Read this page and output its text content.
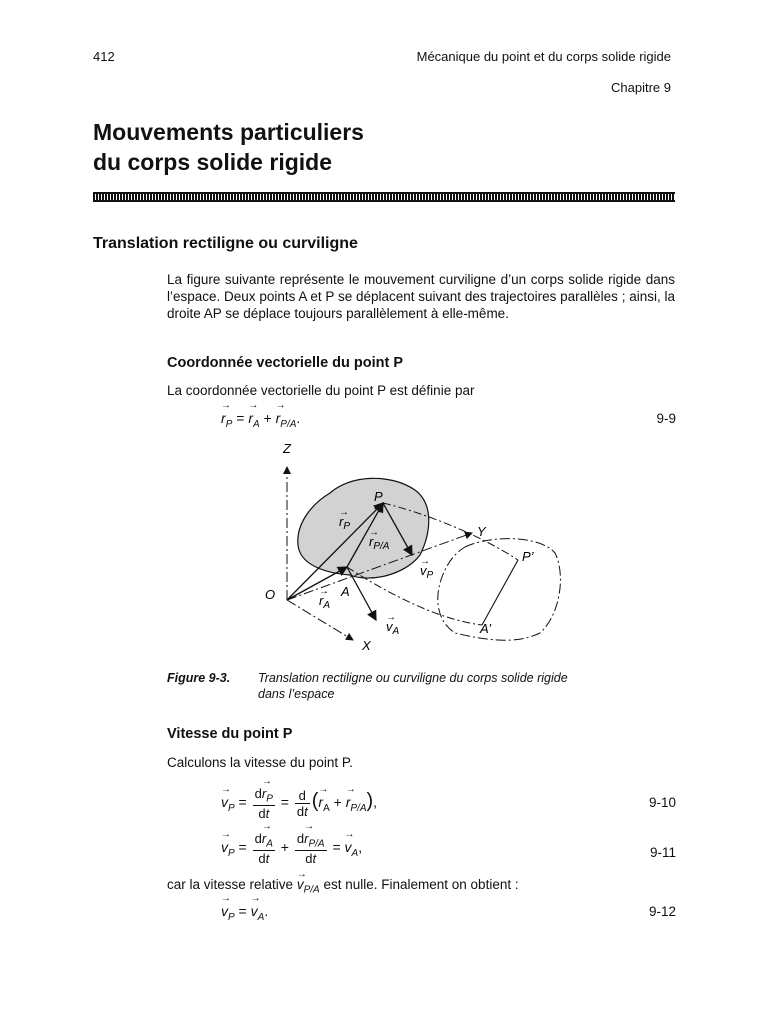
412	Mécanique du point et du corps solide rigide
Chapitre 9
Mouvements particuliers
du corps solide rigide
Translation rectiligne ou curviligne
La figure suivante représente le mouvement curviligne d’un corps solide rigide dans l’espace. Deux points A et P se déplacent suivant des trajectoires parallèles ; ainsi, la droite AP se déplace toujours parallèlement à elle-même.
Coordonnée vectorielle du point P
La coordonnée vectorielle du point P est définie par
→ $r_P$ = → $r_A$ + → $r_{P/A}$.	9-9
Z
Y
X
O
P
A
P’
A’
$r_P$
→
$r_{P/A}$
→
$r_A$
→
$v_P$
→
$v_A$
→
Figure 9-3. Translation rectiligne ou curviligne du corps solide rigide
dans l’espace
Vitesse du point P
Calculons la vitesse du point P.
→ $v_P = \frac{d\to r_P}{dt} = \frac{d}{dt}$ (→ $r_A$ + → $r_{P/A}$),	9-10
→ $v_P = \frac{d\to r_A}{dt} + \frac{d\to r_{P/A}}{dt}$ = → $v_A$,	9-11
car la vitesse relative → $v_{P/A}$ est nulle. Finalement on obtient :
→ $v_P$ = → $v_A$.	9-12
